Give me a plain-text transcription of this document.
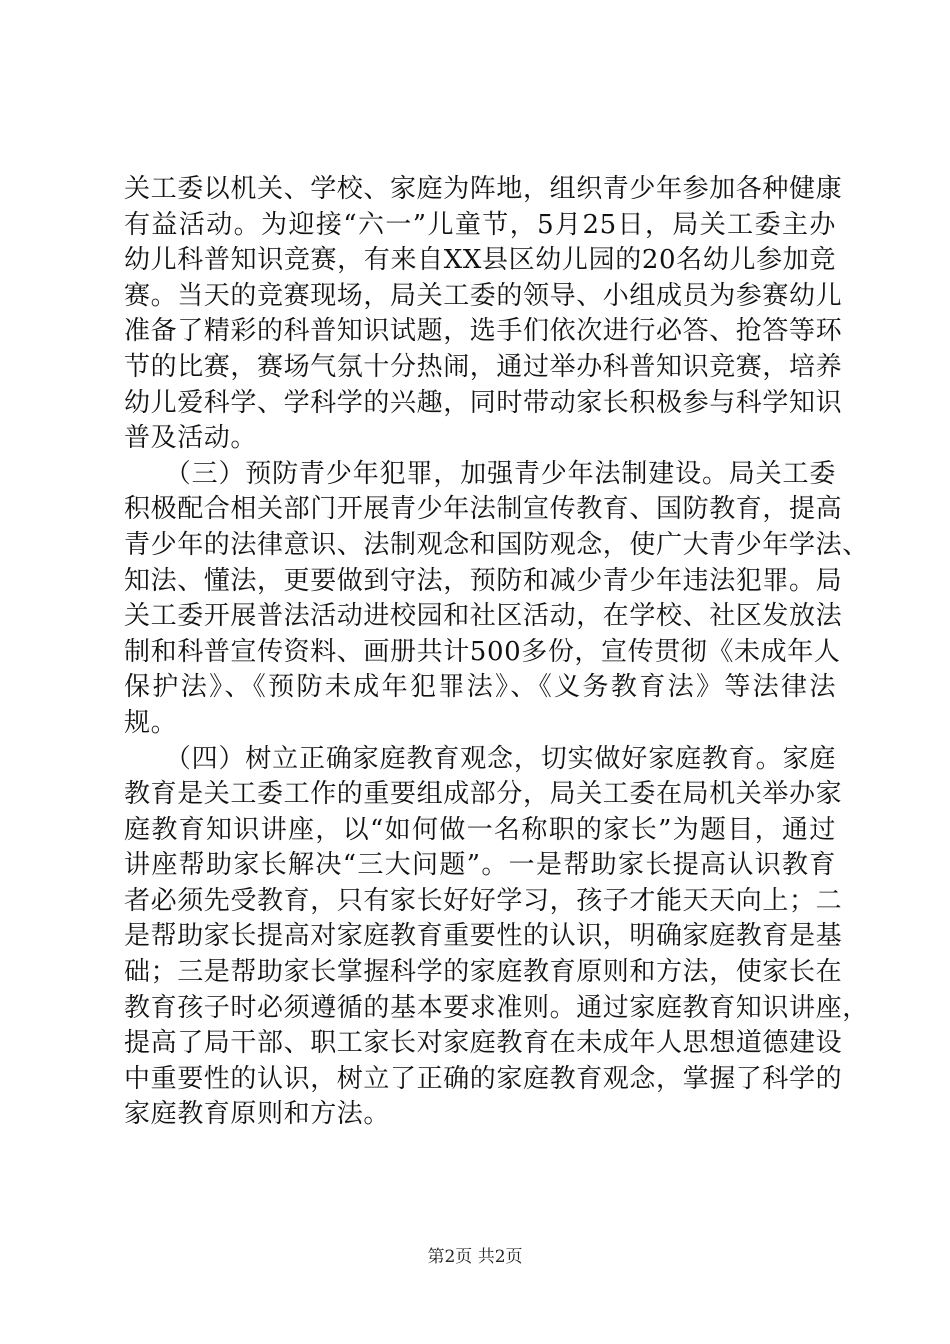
关工委以机关、学校、家庭为阵地，组织青少年参加各种健康
有益活动。为迎接“六一”儿童节，5月25日，局关工委主办
幼儿科普知识竞赛，有来自XX县区幼儿园的20名幼儿参加竞
赛。当天的竞赛现场，局关工委的领导、小组成员为参赛幼儿
准备了精彩的科普知识试题，选手们依次进行必答、抢答等环
节的比赛，赛场气氛十分热闹，通过举办科普知识竞赛，培养
幼儿爱科学、学科学的兴趣，同时带动家长积极参与科学知识
普及活动。
　　（三）预防青少年犯罪，加强青少年法制建设。局关工委
积极配合相关部门开展青少年法制宣传教育、国防教育，提高
青少年的法律意识、法制观念和国防观念，使广大青少年学法、
知法、懂法，更要做到守法，预防和减少青少年违法犯罪。局
关工委开展普法活动进校园和社区活动，在学校、社区发放法
制和科普宣传资料、画册共计500多份，宣传贯彻《未成年人
保护法》、《预防未成年犯罪法》、《义务教育法》等法律法
规。
　　（四）树立正确家庭教育观念，切实做好家庭教育。家庭
教育是关工委工作的重要组成部分，局关工委在局机关举办家
庭教育知识讲座，以“如何做一名称职的家长”为题目，通过
讲座帮助家长解决“三大问题”。一是帮助家长提高认识教育
者必须先受教育，只有家长好好学习，孩子才能天天向上；二
是帮助家长提高对家庭教育重要性的认识，明确家庭教育是基
础；三是帮助家长掌握科学的家庭教育原则和方法，使家长在
教育孩子时必须遵循的基本要求准则。通过家庭教育知识讲座，
提高了局干部、职工家长对家庭教育在未成年人思想道德建设
中重要性的认识，树立了正确的家庭教育观念，掌握了科学的
家庭教育原则和方法。
第2页 共2页
